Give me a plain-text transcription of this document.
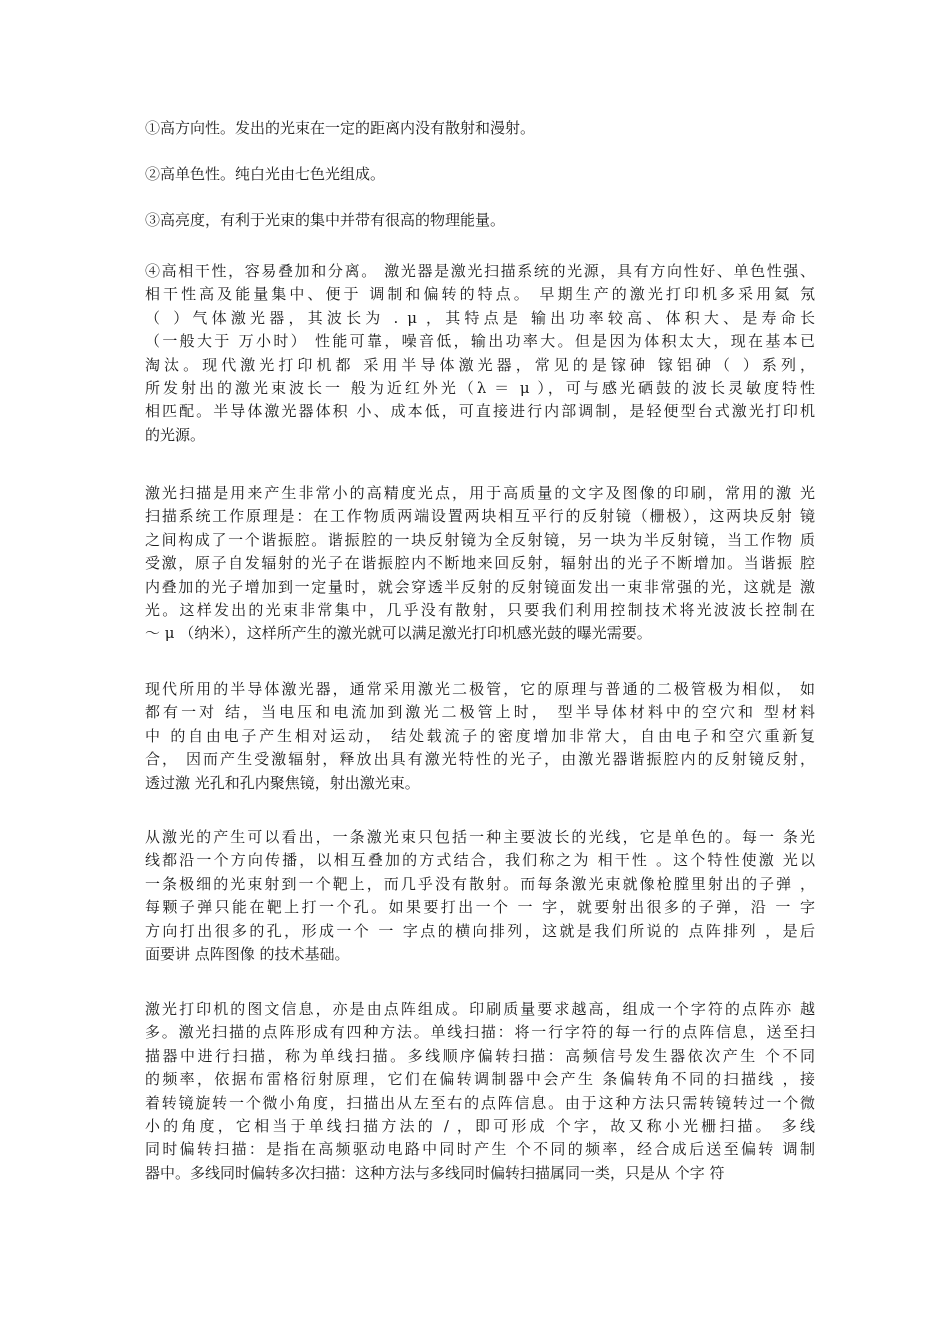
①高方向性。发出的光束在一定的距离内没有散射和漫射。
②高单色性。纯白光由七色光组成。
③高亮度，有利于光束的集中并带有很高的物理能量。
④高相干性，容易叠加和分离。 激光器是激光扫描系统的光源，具有方向性好、单色性强、
相干性高及能量集中、便于 调制和偏转的特点。 早期生产的激光打印机多采用氦 氖
（ ）气体激光器，其波长为 . μ ，其特点是 输出功率较高、体积大、是寿命长
（一般大于 万小时） 性能可靠，噪音低，输出功率大。但是因为体积太大，现在基本已
淘汰。现代激光打印机都 采用半导体激光器，常见的是镓砷 镓铝砷（ ）系列，
所发射出的激光束波长一 般为近红外光（λ ＝ μ ），可与感光硒鼓的波长灵敏度特性
相匹配。半导体激光器体积 小、成本低，可直接进行内部调制，是轻便型台式激光打印机
的光源。
激光扫描是用来产生非常小的高精度光点，用于高质量的文字及图像的印刷，常用的激 光
扫描系统工作原理是：在工作物质两端设置两块相互平行的反射镜（栅极），这两块反射 镜
之间构成了一个谐振腔。谐振腔的一块反射镜为全反射镜，另一块为半反射镜，当工作物 质
受激，原子自发辐射的光子在谐振腔内不断地来回反射，辐射出的光子不断增加。当谐振 腔
内叠加的光子增加到一定量时，就会穿透半反射的反射镜面发出一束非常强的光，这就是 激
光。这样发出的光束非常集中，几乎没有散射，只要我们利用控制技术将光波波长控制在
～ μ （纳米），这样所产生的激光就可以满足激光打印机感光鼓的曝光需要。
现代所用的半导体激光器，通常采用激光二极管，它的原理与普通的二极管极为相似， 如
都有一对 结，当电压和电流加到激光二极管上时， 型半导体材料中的空穴和 型材料
中 的自由电子产生相对运动， 结处载流子的密度增加非常大，自由电子和空穴重新复
合， 因而产生受激辐射，释放出具有激光特性的光子，由激光器谐振腔内的反射镜反射，
透过激 光孔和孔内聚焦镜，射出激光束。
从激光的产生可以看出，一条激光束只包括一种主要波长的光线，它是单色的。每一 条光
线都沿一个方向传播，以相互叠加的方式结合，我们称之为 相干性 。这个特性使激 光以
一条极细的光束射到一个靶上，而几乎没有散射。而每条激光束就像枪膛里射出的子弹 ，
每颗子弹只能在靶上打一个孔。如果要打出一个 一 字，就要射出很多的子弹，沿 一 字
方向打出很多的孔，形成一个 一 字点的横向排列，这就是我们所说的 点阵排列 ，是后
面要讲 点阵图像 的技术基础。
激光打印机的图文信息，亦是由点阵组成。印刷质量要求越高，组成一个字符的点阵亦 越
多。激光扫描的点阵形成有四种方法。单线扫描：将一行字符的每一行的点阵信息，送至扫
描器中进行扫描，称为单线扫描。多线顺序偏转扫描：高频信号发生器依次产生 个不同
的频率，依据布雷格衍射原理，它们在偏转调制器中会产生 条偏转角不同的扫描线 ，接
着转镜旋转一个微小角度，扫描出从左至右的点阵信息。由于这种方法只需转镜转过一个微
小的角度，它相当于单线扫描方法的 / ，即可形成 个字，故又称小光栅扫描。 多线
同时偏转扫描：是指在高频驱动电路中同时产生 个不同的频率，经合成后送至偏转 调制
器中。多线同时偏转多次扫描：这种方法与多线同时偏转扫描属同一类，只是从 个字 符
